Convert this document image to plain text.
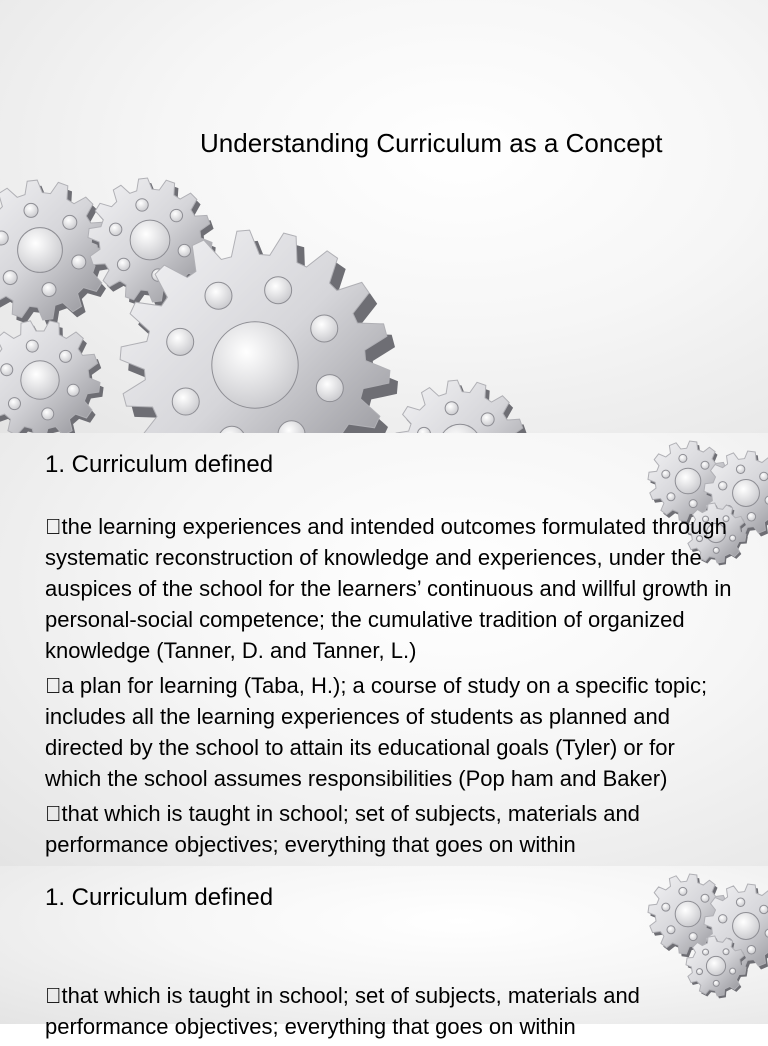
Understanding Curriculum as a Concept
1. Curriculum defined

the learning experiences and intended outcomes formulated through systematic reconstruction of knowledge and experiences, under the auspices of the school for the learners’ continuous and willful growth in personal-social competence; the cumulative tradition of organized knowledge (Tanner, D. and Tanner, L.)

a plan for learning (Taba, H.); a course of study on a specific topic; includes all the learning experiences of students as planned and directed by the school to attain its educational goals (Tyler) or for which the school assumes responsibilities (Pop ham and Baker)

that which is taught in school; set of subjects, materials and performance objectives; everything that goes on within

1. Curriculum defined

that which is taught in school; set of subjects, materials and performance objectives; everything that goes on within
